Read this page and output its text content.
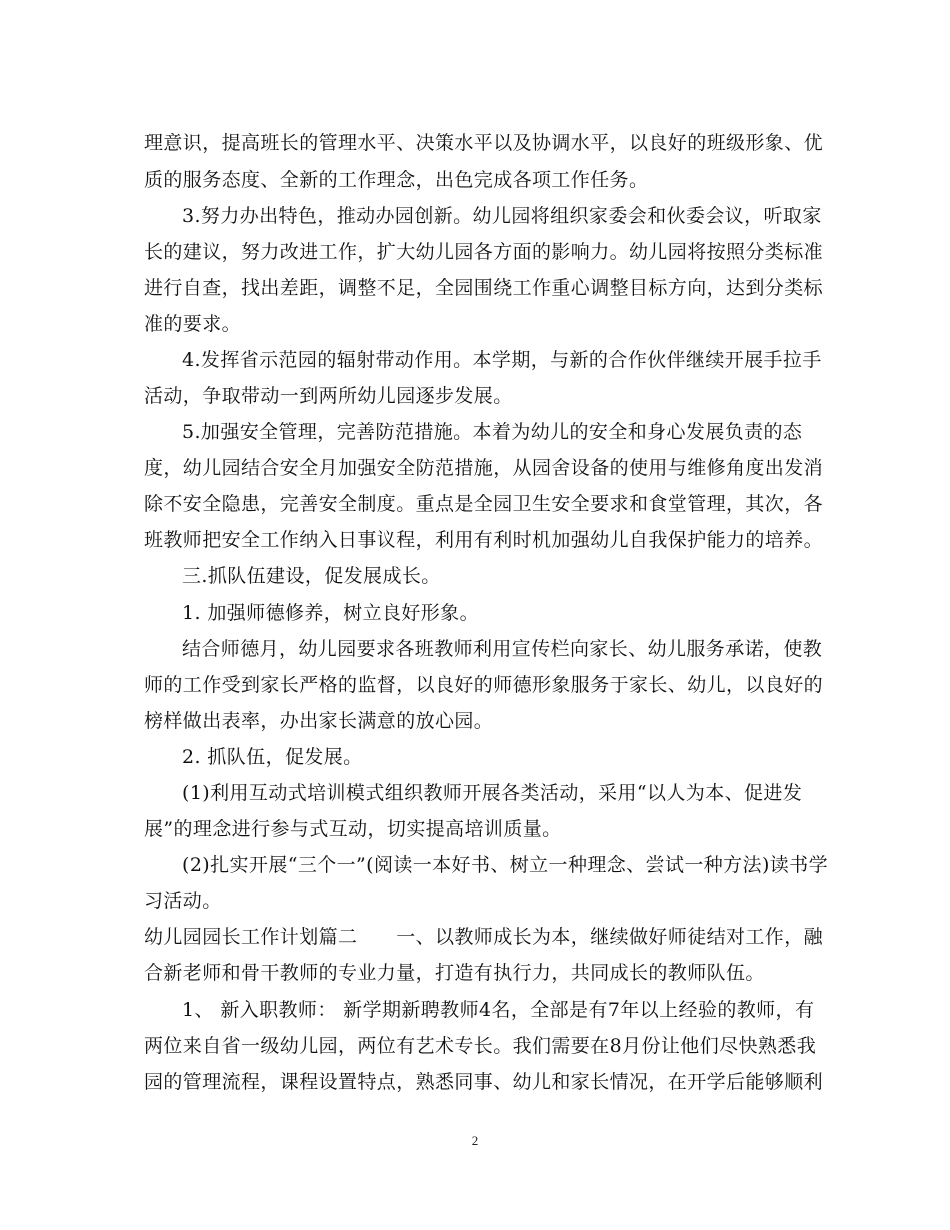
理意识，提高班长的管理水平、决策水平以及协调水平，以良好的班级形象、优
质的服务态度、全新的工作理念，出色完成各项工作任务。
3.努力办出特色，推动办园创新。幼儿园将组织家委会和伙委会议，听取家
长的建议，努力改进工作，扩大幼儿园各方面的影响力。幼儿园将按照分类标准
进行自查，找出差距，调整不足，全园围绕工作重心调整目标方向，达到分类标
准的要求。
4.发挥省示范园的辐射带动作用。本学期，与新的合作伙伴继续开展手拉手
活动，争取带动一到两所幼儿园逐步发展。
5.加强安全管理，完善防范措施。本着为幼儿的安全和身心发展负责的态
度，幼儿园结合安全月加强安全防范措施，从园舍设备的使用与维修角度出发消
除不安全隐患，完善安全制度。重点是全园卫生安全要求和食堂管理，其次，各
班教师把安全工作纳入日事议程，利用有利时机加强幼儿自我保护能力的培养。
三.抓队伍建设，促发展成长。
1. 加强师德修养，树立良好形象。
结合师德月，幼儿园要求各班教师利用宣传栏向家长、幼儿服务承诺，使教
师的工作受到家长严格的监督，以良好的师德形象服务于家长、幼儿，以良好的
榜样做出表率，办出家长满意的放心园。
2. 抓队伍，促发展。
(1)利用互动式培训模式组织教师开展各类活动，采用“以人为本、促进发
展”的理念进行参与式互动，切实提高培训质量。
(2)扎实开展“三个一”(阅读一本好书、树立一种理念、尝试一种方法)读书学
习活动。
幼儿园园长工作计划篇二　　一、以教师成长为本，继续做好师徒结对工作，融
合新老师和骨干教师的专业力量，打造有执行力，共同成长的教师队伍。
1、 新入职教师： 新学期新聘教师4名，全部是有7年以上经验的教师，有
两位来自省一级幼儿园，两位有艺术专长。我们需要在8月份让他们尽快熟悉我
园的管理流程，课程设置特点，熟悉同事、幼儿和家长情况，在开学后能够顺利
2
